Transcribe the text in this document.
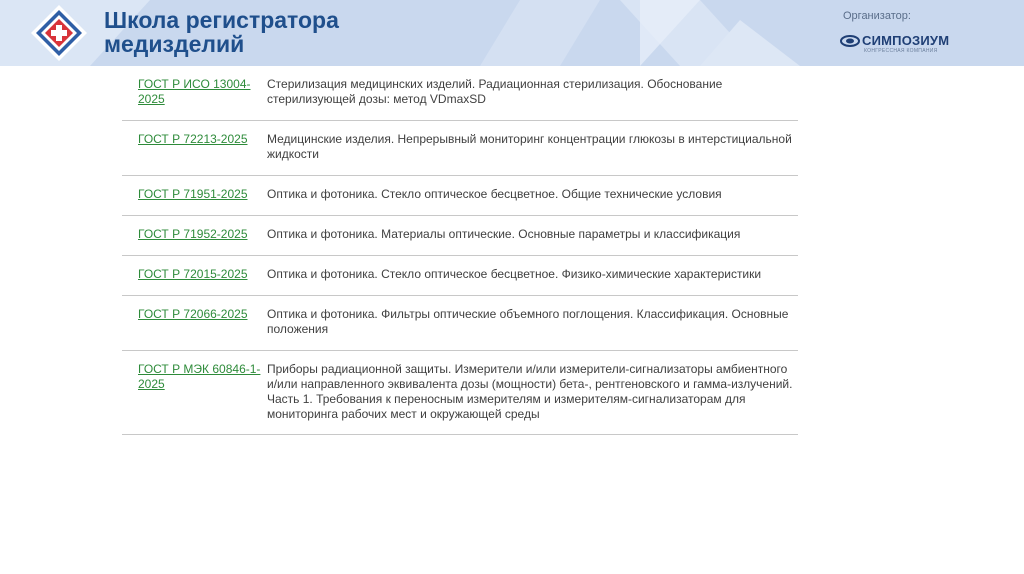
Школа регистратора
медизделий
Организатор:
СИМПОЗИУМ
КОНГРЕССНАЯ КОМПАНИЯ
ГОСТ Р ИСО 13004-2025	Стерилизация медицинских изделий. Радиационная стерилизация. Обоснование стерилизующей дозы: метод VDmaxSD
ГОСТ Р 72213-2025	Медицинские изделия. Непрерывный мониторинг концентрации глюкозы в интерстициальной жидкости
ГОСТ Р 71951-2025	Оптика и фотоника. Стекло оптическое бесцветное. Общие технические условия
ГОСТ Р 71952-2025	Оптика и фотоника. Материалы оптические. Основные параметры и классификация
ГОСТ Р 72015-2025	Оптика и фотоника. Стекло оптическое бесцветное. Физико-химические характеристики
ГОСТ Р 72066-2025	Оптика и фотоника. Фильтры оптические объемного поглощения. Классификация. Основные положения
ГОСТ Р МЭК 60846-1-2025	Приборы радиационной защиты. Измерители и/или измерители-сигнализаторы амбиентного и/или направленного эквивалента дозы (мощности) бета-, рентгеновского и гамма-излучений. Часть 1. Требования к переносным измерителям и измерителям-сигнализаторам для мониторинга рабочих мест и окружающей среды
